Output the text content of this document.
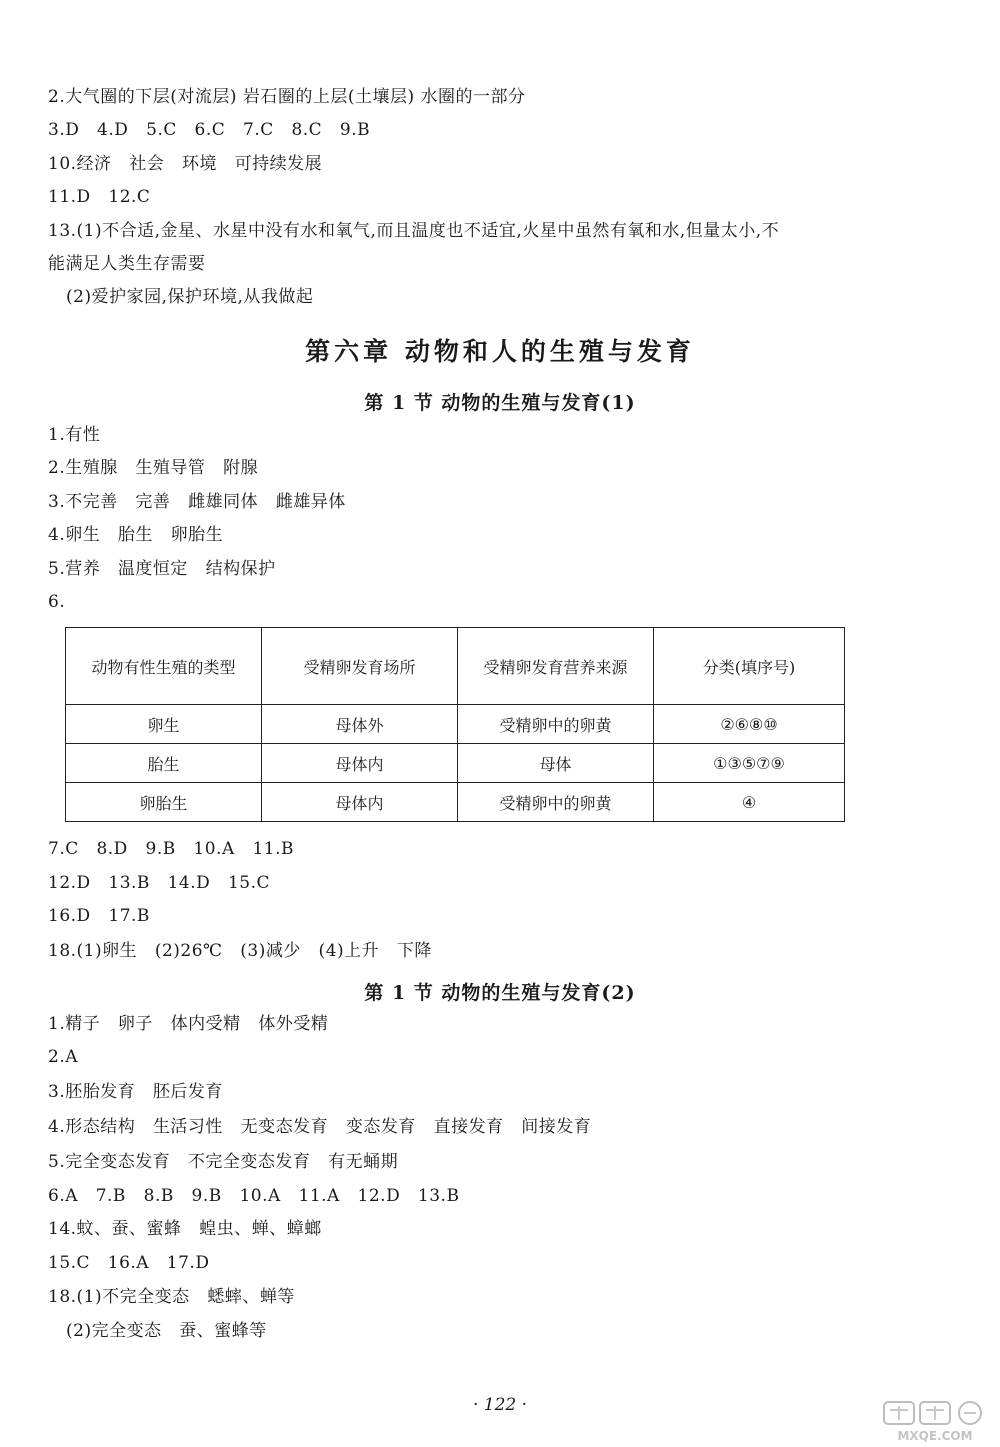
2.大气圈的下层(对流层) 岩石圈的上层(土壤层) 水圈的一部分
3.D   4.D   5.C   6.C   7.C   8.C   9.B
10.经济   社会   环境   可持续发展
11.D   12.C
13.(1)不合适,金星、水星中没有水和氧气,而且温度也不适宜,火星中虽然有氧和水,但量太小,不
能满足人类生存需要
(2)爱护家园,保护环境,从我做起
第六章 动物和人的生殖与发育
第 1 节 动物的生殖与发育(1)
1.有性
2.生殖腺   生殖导管   附腺
3.不完善   完善   雌雄同体   雌雄异体
4.卵生   胎生   卵胎生
5.营养   温度恒定   结构保护
6.
动物有性生殖的类型	受精卵发育场所	受精卵发育营养来源	分类(填序号)
卵生	母体外	受精卵中的卵黄	②⑥⑧⑩
胎生	母体内	母体	①③⑤⑦⑨
卵胎生	母体内	受精卵中的卵黄	④
7.C   8.D   9.B   10.A   11.B
12.D   13.B   14.D   15.C
16.D   17.B
18.(1)卵生   (2)26℃   (3)减少   (4)上升   下降
第 1 节 动物的生殖与发育(2)
1.精子   卵子   体内受精   体外受精
2.A
3.胚胎发育   胚后发育
4.形态结构   生活习性   无变态发育   变态发育   直接发育   间接发育
5.完全变态发育   不完全变态发育   有无蛹期
6.A   7.B   8.B   9.B   10.A   11.A   12.D   13.B
14.蚊、蚕、蜜蜂   蝗虫、蝉、蟑螂
15.C   16.A   17.D
18.(1)不完全变态   蟋蟀、蝉等
(2)完全变态   蚕、蜜蜂等
· 122 ·
MXQE.COM
